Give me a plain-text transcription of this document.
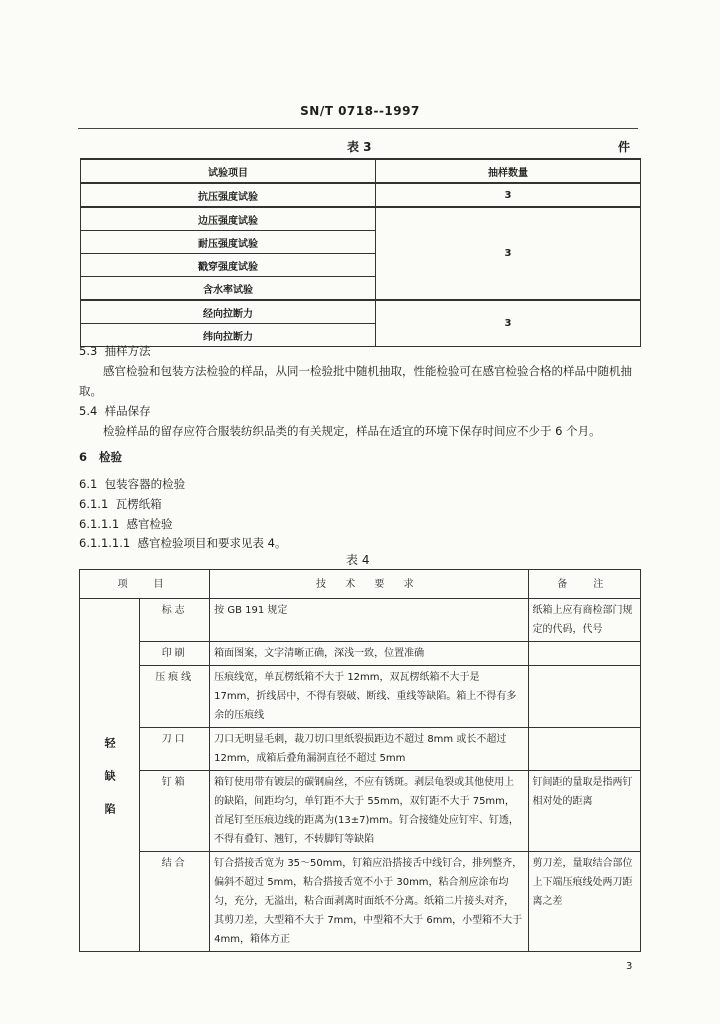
SN/T 0718--1997
表 3	件
试验项目	抽样数量
抗压强度试验	3
边压强度试验	3
耐压强度试验	
戳穿强度试验	
含水率试验	
经向拉断力	3
纬向拉断力	
5.3 抽样方法
感官检验和包装方法检验的样品，从同一检验批中随机抽取，性能检验可在感官检验合格的样品中随机抽取。
5.4 样品保存
检验样品的留存应符合服装纺织品类的有关规定，样品在适宜的环境下保存时间应不少于 6 个月。
6 检验
6.1 包装容器的检验
6.1.1 瓦楞纸箱
6.1.1.1 感官检验
6.1.1.1.1 感官检验项目和要求见表 4。
表 4
项　目		技 术 要 求	备　注
轻　　缺　　陷	标志	按 GB 191 规定	纸箱上应有商检部门规定的代码，代号
	印刷	箱面图案，文字清晰正确，深浅一致，位置准确	
	压痕线	压痕线宽，单瓦楞纸箱不大于 12mm，双瓦楞纸箱不大于是 17mm，折线居中，不得有裂破、断线、重线等缺陷。箱上不得有多余的压痕线	
	刀口	刀口无明显毛刺，裁刀切口里纸裂损距边不超过 8mm 或长不超过 12mm，成箱后叠角漏洞直径不超过 5mm	
	钉箱	箱钉使用带有镀层的碳钢扁丝，不应有锈斑。剥层龟裂或其他使用上的缺陷，间距均匀，单钉距不大于 55mm，双钉距不大于 75mm，首尾钉至压痕边线的距离为(13±7)mm。钉合接缝处应钉牢、钉透，不得有叠钉、翘钉，不转脚钉等缺陷	钉间距的量取是指两钉相对处的距离
	结合	钉合搭接舌宽为 35～50mm，钉箱应沿搭接舌中线钉合，排列整齐，偏斜不超过 5mm，粘合搭接舌宽不小于 30mm，粘合剂应涂布均匀，充分，无溢出，粘合面剥离时面纸不分离。纸箱二片接头对齐，其剪刀差，大型箱不大于 7mm，中型箱不大于 6mm，小型箱不大于 4mm，箱体方正	剪刀差，量取结合部位上下端压痕线处两刀距离之差
3
